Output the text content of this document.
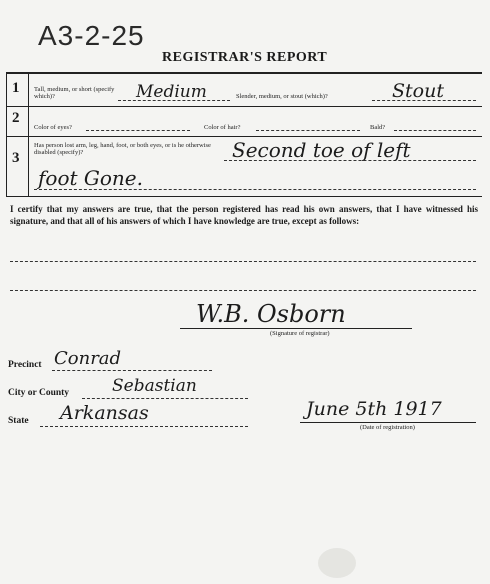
A3-2-25
REGISTRAR'S REPORT
1 Tall, medium, or short (specify which)?	Medium	Slender, medium, or stout (which)?	Stout
2
Color of eyes?	Color of hair?	Bald?
3
Has person lost arm, leg, hand, foot, or both eyes, or is he otherwise disabled (specify)?	Second toe of left
foot Gone.
I certify that my answers are true, that the person registered has read his own answers, that I have witnessed his signature, and that all of his answers of which I have knowledge are true, except as follows:
W.B. Osborn
(Signature of registrar)
Precinct Conrad
City or County	Sebastian
State Arkansas	June 5th 1917
(Date of registration)
